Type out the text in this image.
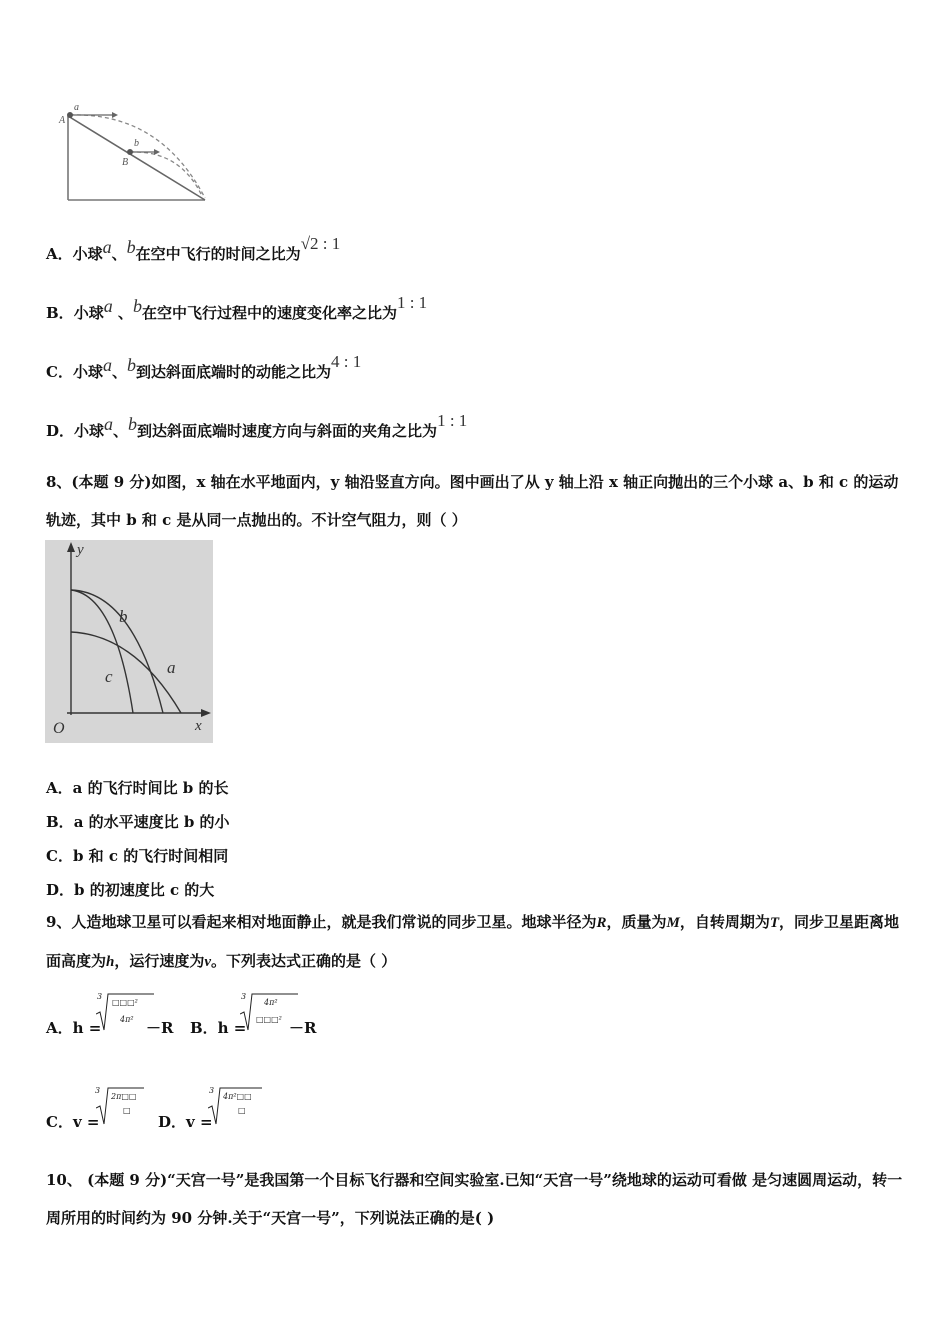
A
B
a
b
A．小球a、b在空中飞行的时间之比为√2 : 1
B．小球a 、b在空中飞行过程中的速度变化率之比为1 : 1
C．小球a、b到达斜面底端时的动能之比为4 : 1
D．小球a、b到达斜面底端时速度方向与斜面的夹角之比为1 : 1
8、(本题 9 分)如图，x 轴在水平地面内，y 轴沿竖直方向。图中画出了从 y 轴上沿 x 轴正向抛出的三个小球 a、b 和 c 的运动轨迹，其中 b 和 c 是从同一点抛出的。不计空气阻力，则（ ）
y
x
O
b
c	a
A．a 的飞行时间比 b 的长
B．a 的水平速度比 b 的小
C．b 和 c 的飞行时间相同
D．b 的初速度比 c 的大
9、人造地球卫星可以看起来相对地面静止，就是我们常说的同步卫星。地球半径为R，质量为M，自转周期为T，同步卫星距离地面高度为h，运行速度为v。下列表达式正确的是（ ）
A．h =
3
□□□²
4π² －R B．h =
3
4π²
□□□² －R
C．v =
3
2π□□
□
D．v =
3
4π²□□
□
10、 (本题 9 分)“天宫一号”是我国第一个目标飞行器和空间实验室.已知“天宫一号”绕地球的运动可看做 是匀速圆周运动，转一周所用的时间约为 90 分钟.关于“天宫一号”，下列说法正确的是( )
